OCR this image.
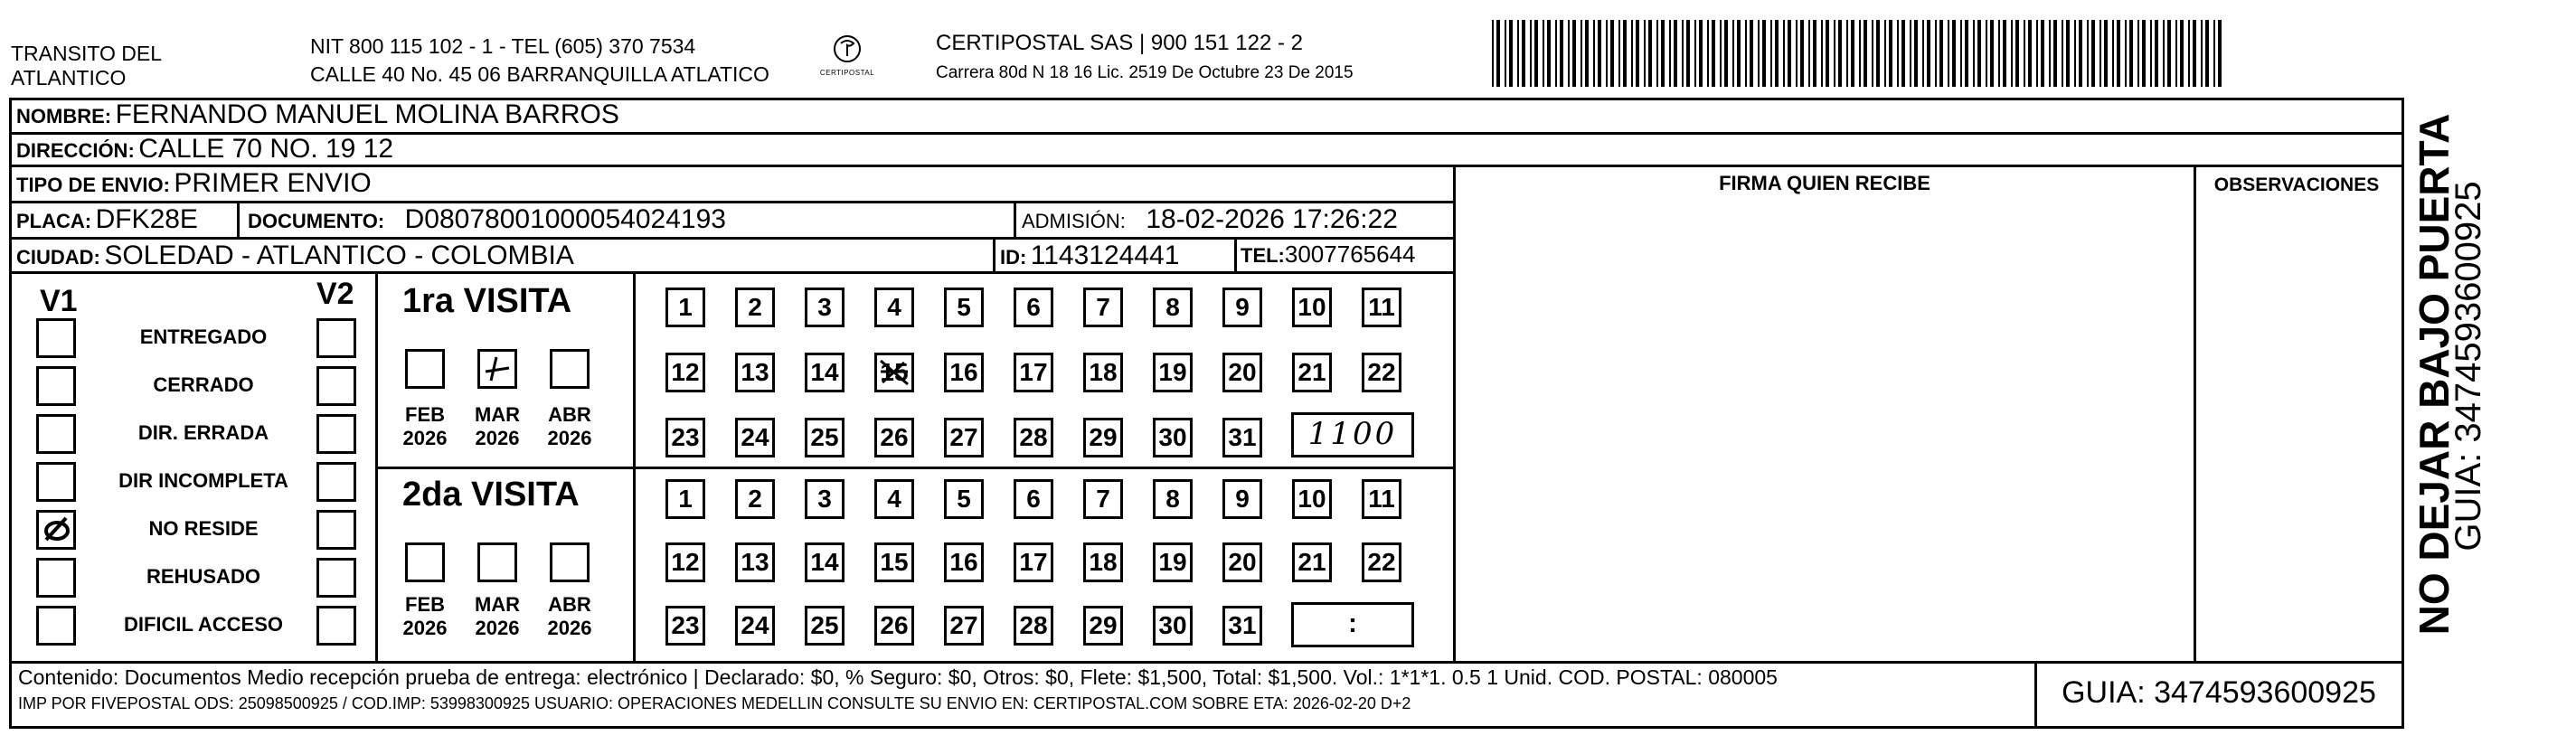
TRANSITO DEL
ATLANTICO
NIT 800 115 102 - 1 - TEL (605) 370 7534
CALLE 40 No. 45 06 BARRANQUILLA ATLATICO	CERTIPOSTAL
CERTIPOSTAL SAS | 900 151 122 - 2
Carrera 80d N 18 16 Lic. 2519 De Octubre 23 De 2015
NOMBRE: FERNANDO MANUEL MOLINA BARROS
DIRECCIÓN: CALLE 70 NO. 19 12
TIPO DE ENVIO: PRIMER ENVIO
PLACA: DFK28E	DOCUMENTO: D08078001000054024193	ADMISIÓN: 18-02-2026 17:26:22
CIUDAD: SOLEDAD - ATLANTICO - COLOMBIA	ID: 1143124441	TEL:3007765644
FIRMA QUIEN RECIBE	OBSERVACIONES
V1	V2
ENTREGADO
CERRADO
DIR. ERRADA
DIR INCOMPLETA
NO RESIDE
REHUSADO
DIFICIL ACCESO
1ra VISITA
2da VISITA
1 2 3 4 5 6 7 8 9 10 11
12 13 14	16 17 18 19 20 21 22
23 24 25 26 27 28 29 30 31
FEB
2026
MAR
2026
ABR
2026
1 2 3 4 5 6 7 8 9 10 11
12 13 14 15 16 17 18 19 20 21 22
23 24 25 26 27 28 29 30 31
FEB
2026
MAR
2026
ABR
2026
1100
:
Contenido: Documentos Medio recepción prueba de entrega: electrónico | Declarado: $0, % Seguro: $0, Otros: $0, Flete: $1,500, Total: $1,500. Vol.: 1*1*1. 0.5 1 Unid. COD. POSTAL: 080005
IMP POR FIVEPOSTAL ODS: 25098500925 / COD.IMP: 53998300925 USUARIO: OPERACIONES MEDELLIN CONSULTE SU ENVIO EN: CERTIPOSTAL.COM SOBRE ETA: 2026-02-20 D+2	GUIA: 3474593600925
NO DEJAR BAJO PUERTA
GUIA: 3474593600925
